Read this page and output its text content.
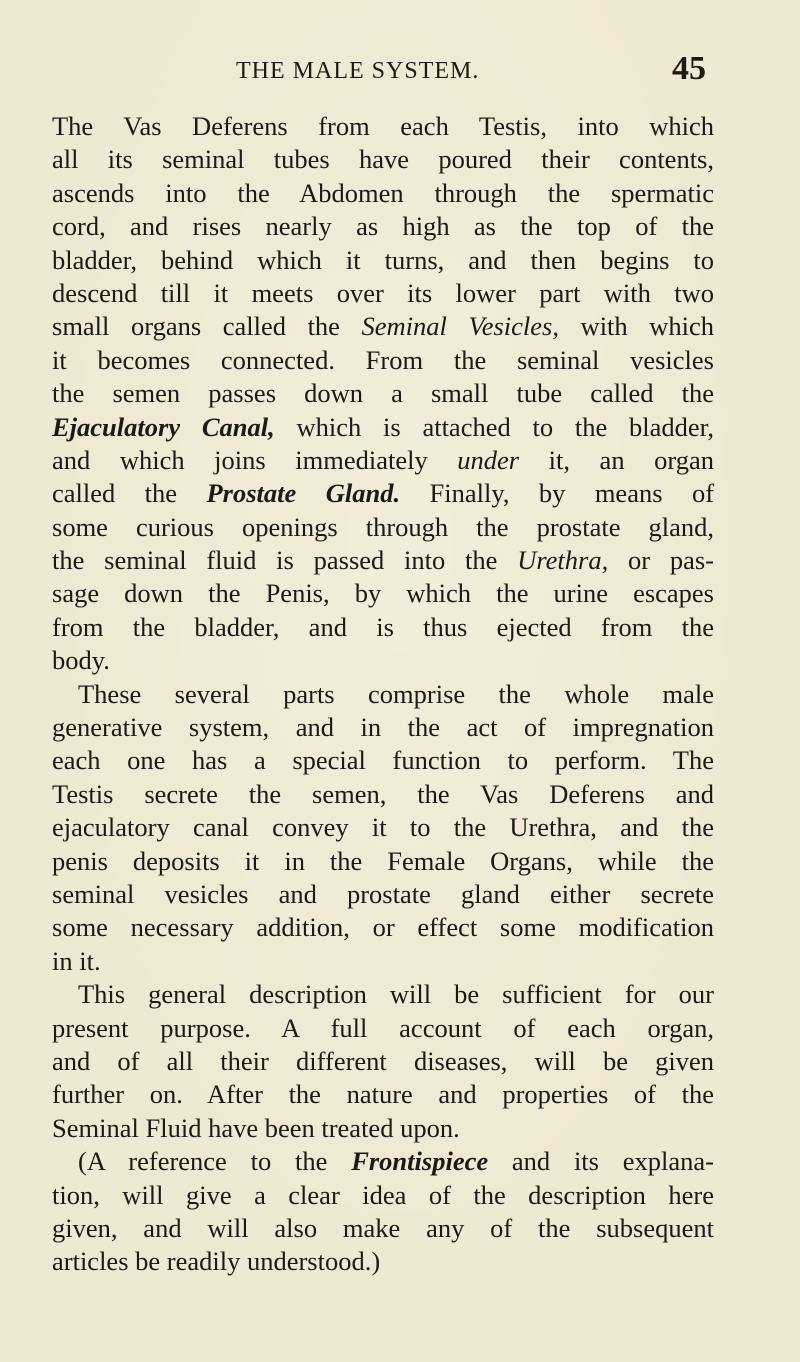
THE MALE SYSTEM.	45
The Vas Deferens from each Testis, into which
all its seminal tubes have poured their contents,
ascends into the Abdomen through the spermatic
cord, and rises nearly as high as the top of the
bladder, behind which it turns, and then begins to
descend till it meets over its lower part with two
small organs called the Seminal Vesicles, with which
it becomes connected. From the seminal vesicles
the semen passes down a small tube called the
Ejaculatory Canal, which is attached to the bladder,
and which joins immediately under it, an organ
called the Prostate Gland. Finally, by means of
some curious openings through the prostate gland,
the seminal fluid is passed into the Urethra, or pas-
sage down the Penis, by which the urine escapes
from the bladder, and is thus ejected from the
body.
These several parts comprise the whole male
generative system, and in the act of impregnation
each one has a special function to perform. The
Testis secrete the semen, the Vas Deferens and
ejaculatory canal convey it to the Urethra, and the
penis deposits it in the Female Organs, while the
seminal vesicles and prostate gland either secrete
some necessary addition, or effect some modification
in it.
This general description will be sufficient for our
present purpose. A full account of each organ,
and of all their different diseases, will be given
further on. After the nature and properties of the
Seminal Fluid have been treated upon.
(A reference to the Frontispiece and its explana-
tion, will give a clear idea of the description here
given, and will also make any of the subsequent
articles be readily understood.)
